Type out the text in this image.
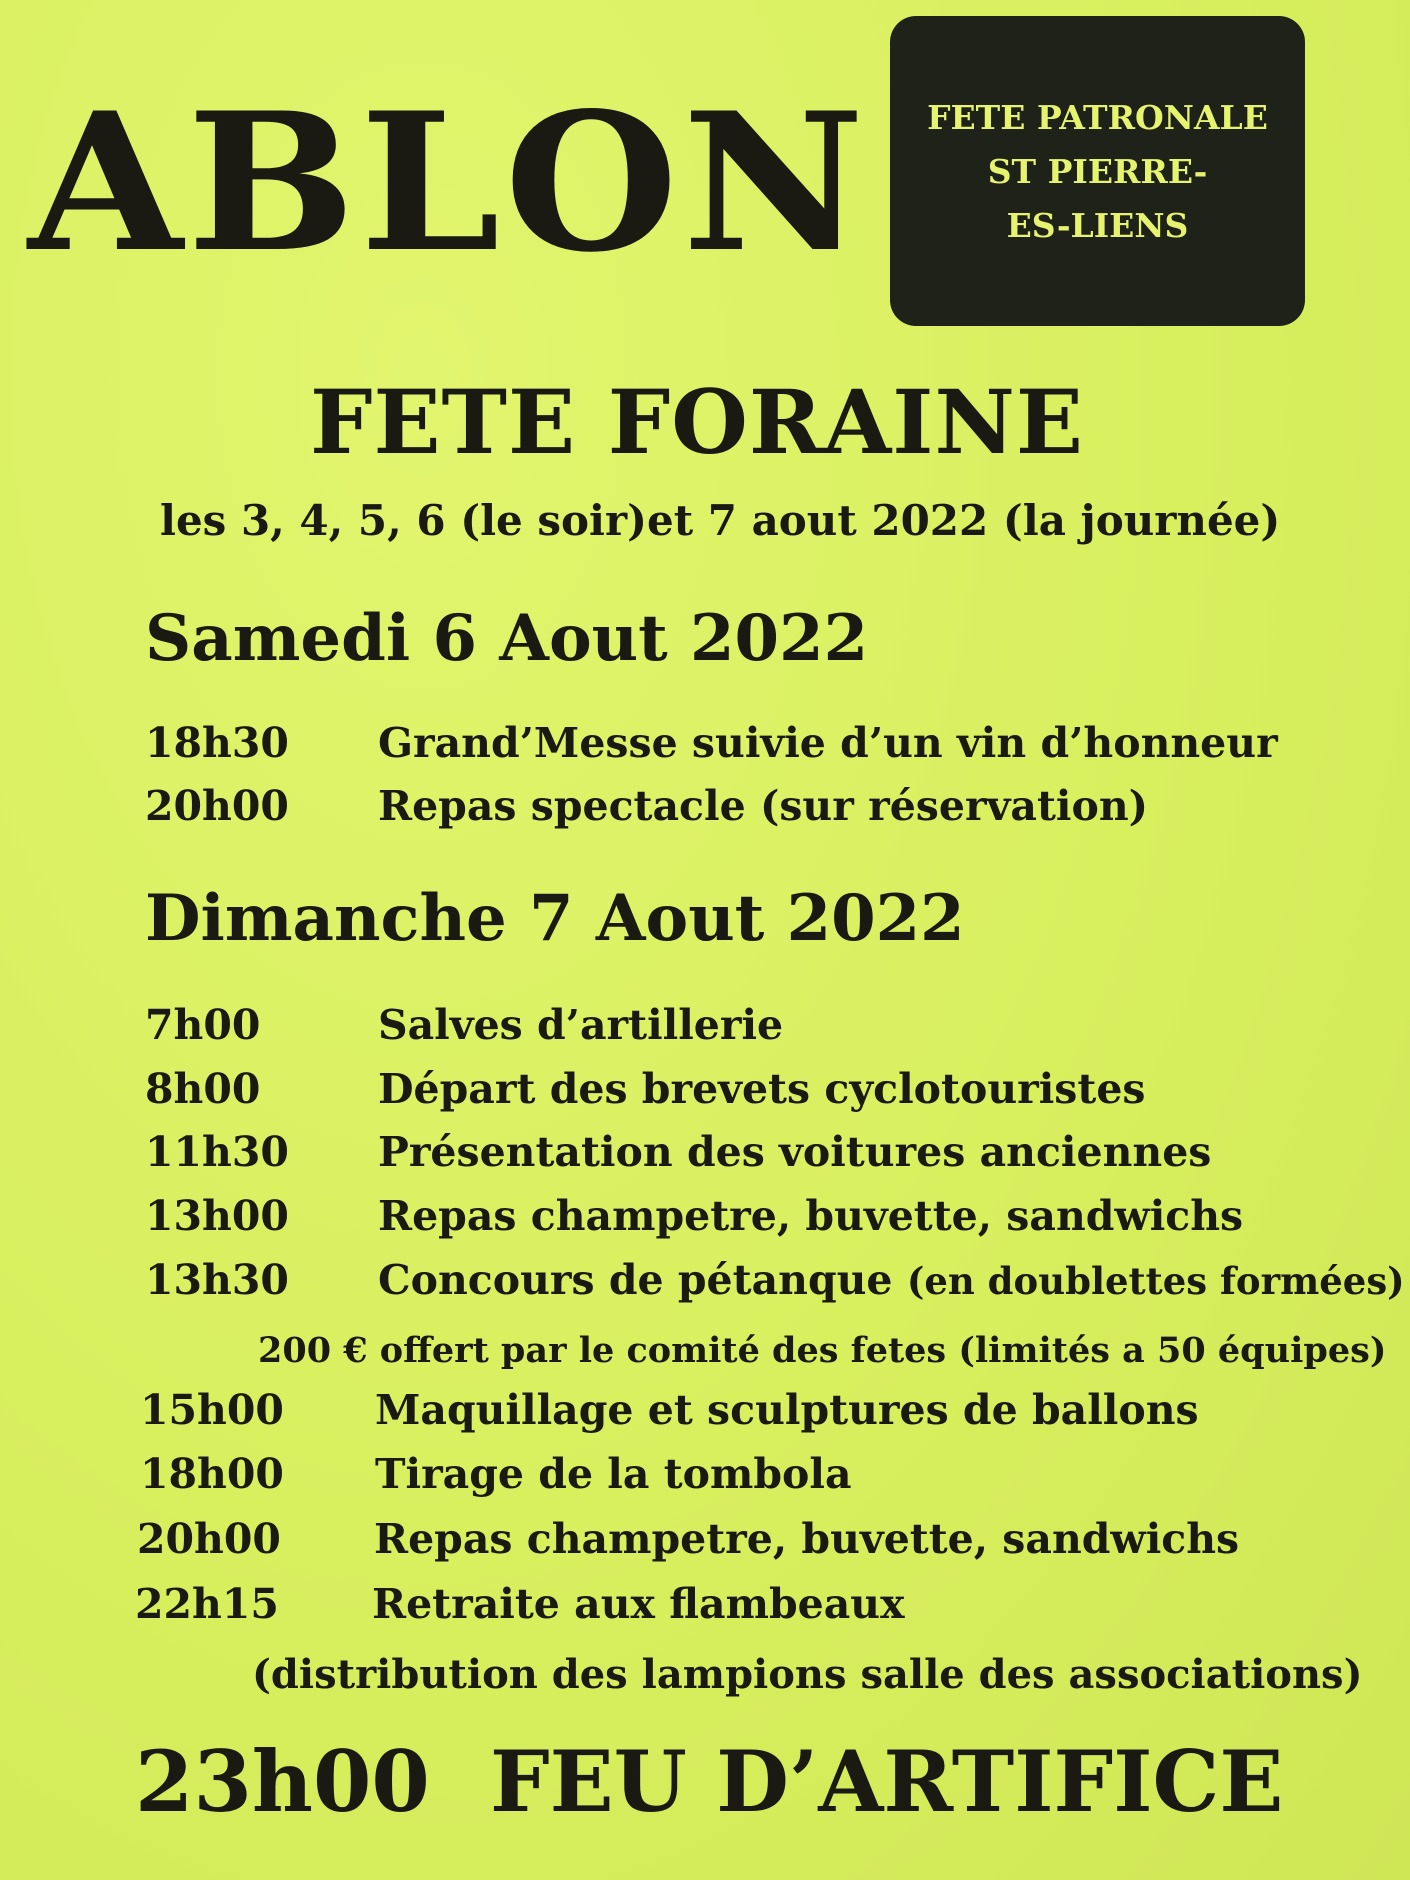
ABLON	FETE PATRONALE
ST PIERRE-
ES-LIENS
FETE FORAINE
les 3, 4, 5, 6 (le soir)et 7 aout 2022 (la journée)
Samedi 6 Aout 2022
18h30 Grand’Messe suivie d’un vin d’honneur
20h00 Repas spectacle (sur réservation)
Dimanche 7 Aout 2022
7h00	Salves d’artillerie
8h00	Départ des brevets cyclotouristes
11h30 Présentation des voitures anciennes
13h00 Repas champetre, buvette, sandwichs
13h30 Concours de pétanque (en doublettes formées)
200 € offert par le comité des fetes (limités a 50 équipes)
15h00 Maquillage et sculptures de ballons
18h00 Tirage de la tombola
20h00 Repas champetre, buvette, sandwichs
22h15 Retraite aux flambeaux
(distribution des lampions salle des associations)
23h00 FEU D’ARTIFICE
